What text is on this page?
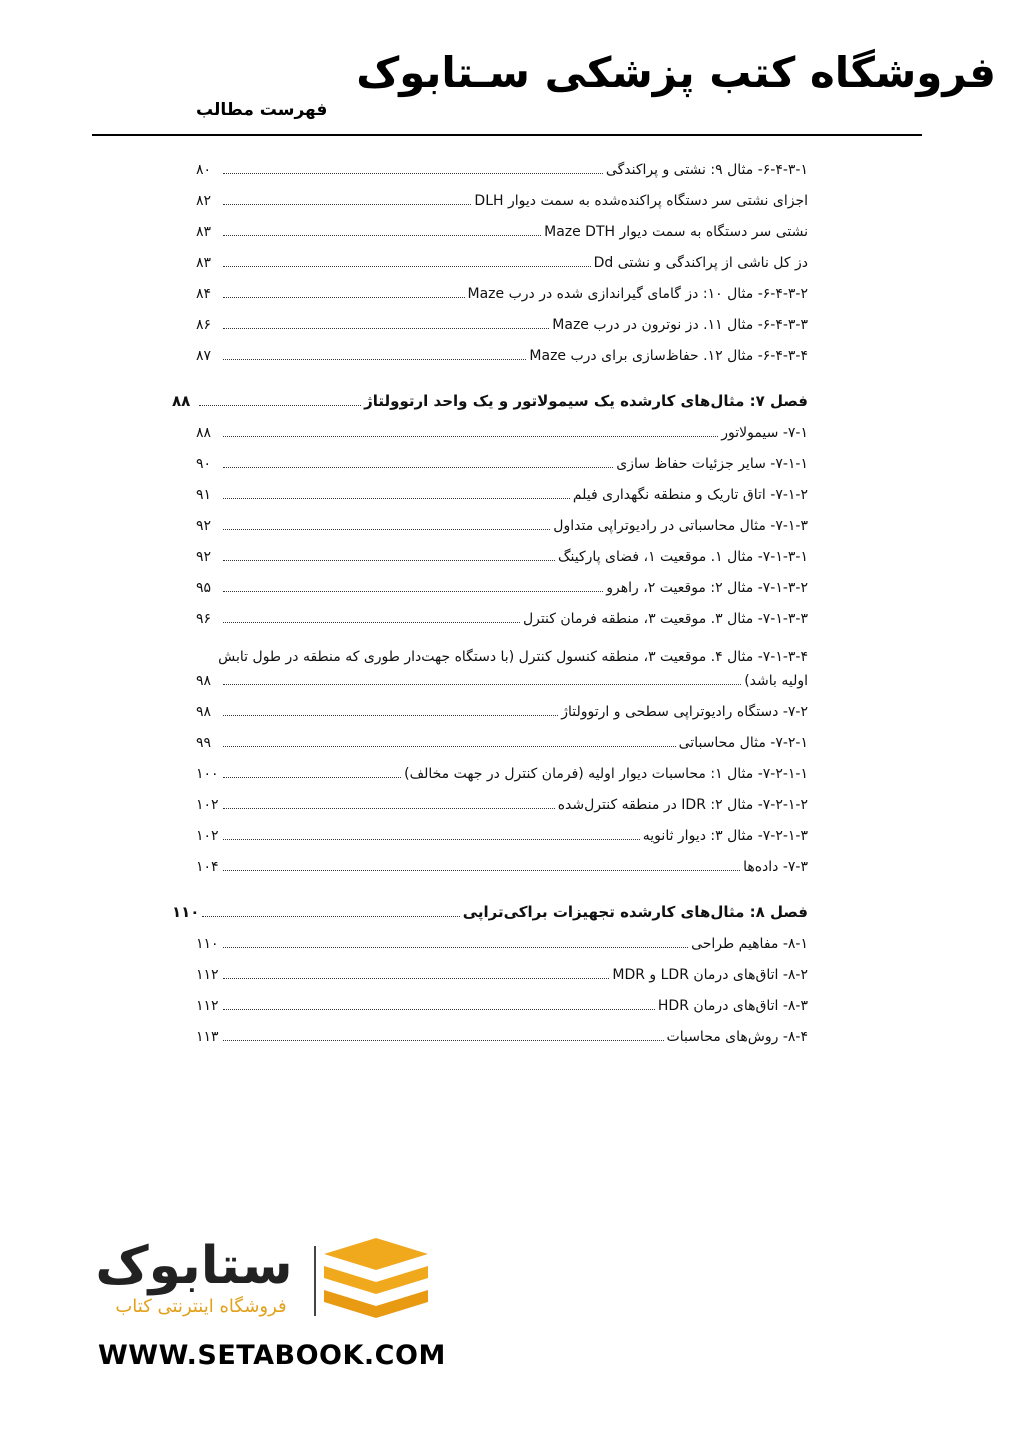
فروشگاه کتب پزشکی سـتابوک
فهرست مطالب
۶-۴-۳-۱- مثال ۹: نشتی و پراکندگی
۸۰
اجزای نشتی سر دستگاه پراکنده‌شده به سمت دیوار DLH
۸۲
نشتی سر دستگاه به سمت دیوار Maze DTH
۸۳
دز کل ناشی از پراکندگی و نشتی Dd
۸۳
۶-۴-۳-۲- مثال ۱۰: دز گامای گیراندازی شده در درب Maze
۸۴
۶-۴-۳-۳- مثال ۱۱. دز نوترون در درب Maze
۸۶
۶-۴-۳-۴- مثال ۱۲. حفاظ‌سازی برای درب Maze
۸۷
فصل ۷: مثال‌های کارشده یک سیمولاتور و یک واحد ارتوولتاژ
۸۸
۷-۱- سیمولاتور
۸۸
۷-۱-۱- سایر جزئیات حفاظ سازی
۹۰
۷-۱-۲- اتاق تاریک و منطقه نگهداری فیلم
۹۱
۷-۱-۳- مثال محاسباتی در رادیوتراپی متداول
۹۲
۷-۱-۳-۱- مثال ۱. موقعیت ۱، فضای پارکینگ
۹۲
۷-۱-۳-۲- مثال ۲: موقعیت ۲، راهرو
۹۵
۷-۱-۳-۳- مثال ۳. موقعیت ۳، منطقه فرمان کنترل
۹۶
۷-۱-۳-۴- مثال ۴. موقعیت ۳، منطقه کنسول کنترل (با دستگاه جهت‌دار طوری که منطقه در طول تابش
اولیه باشد)
۹۸
۷-۲- دستگاه رادیوتراپی سطحی و ارتوولتاژ
۹۸
۷-۲-۱- مثال محاسباتی
۹۹
۷-۲-۱-۱- مثال ۱: محاسبات دیوار اولیه (فرمان کنترل در جهت مخالف)
۱۰۰
۷-۲-۱-۲- مثال ۲: IDR در منطقه کنترل‌شده
۱۰۲
۷-۲-۱-۳- مثال ۳: دیوار ثانویه
۱۰۲
۷-۳- داده‌ها
۱۰۴
فصل ۸: مثال‌های کارشده تجهیزات براکی‌تراپی
۱۱۰
۸-۱- مفاهیم طراحی
۱۱۰
۸-۲- اتاق‌های درمان LDR و MDR
۱۱۲
۸-۳- اتاق‌های درمان HDR
۱۱۲
۸-۴- روش‌های محاسبات
۱۱۳
ستابوک
فروشگاه اینترنتی کتاب
WWW.SETABOOK.COM
